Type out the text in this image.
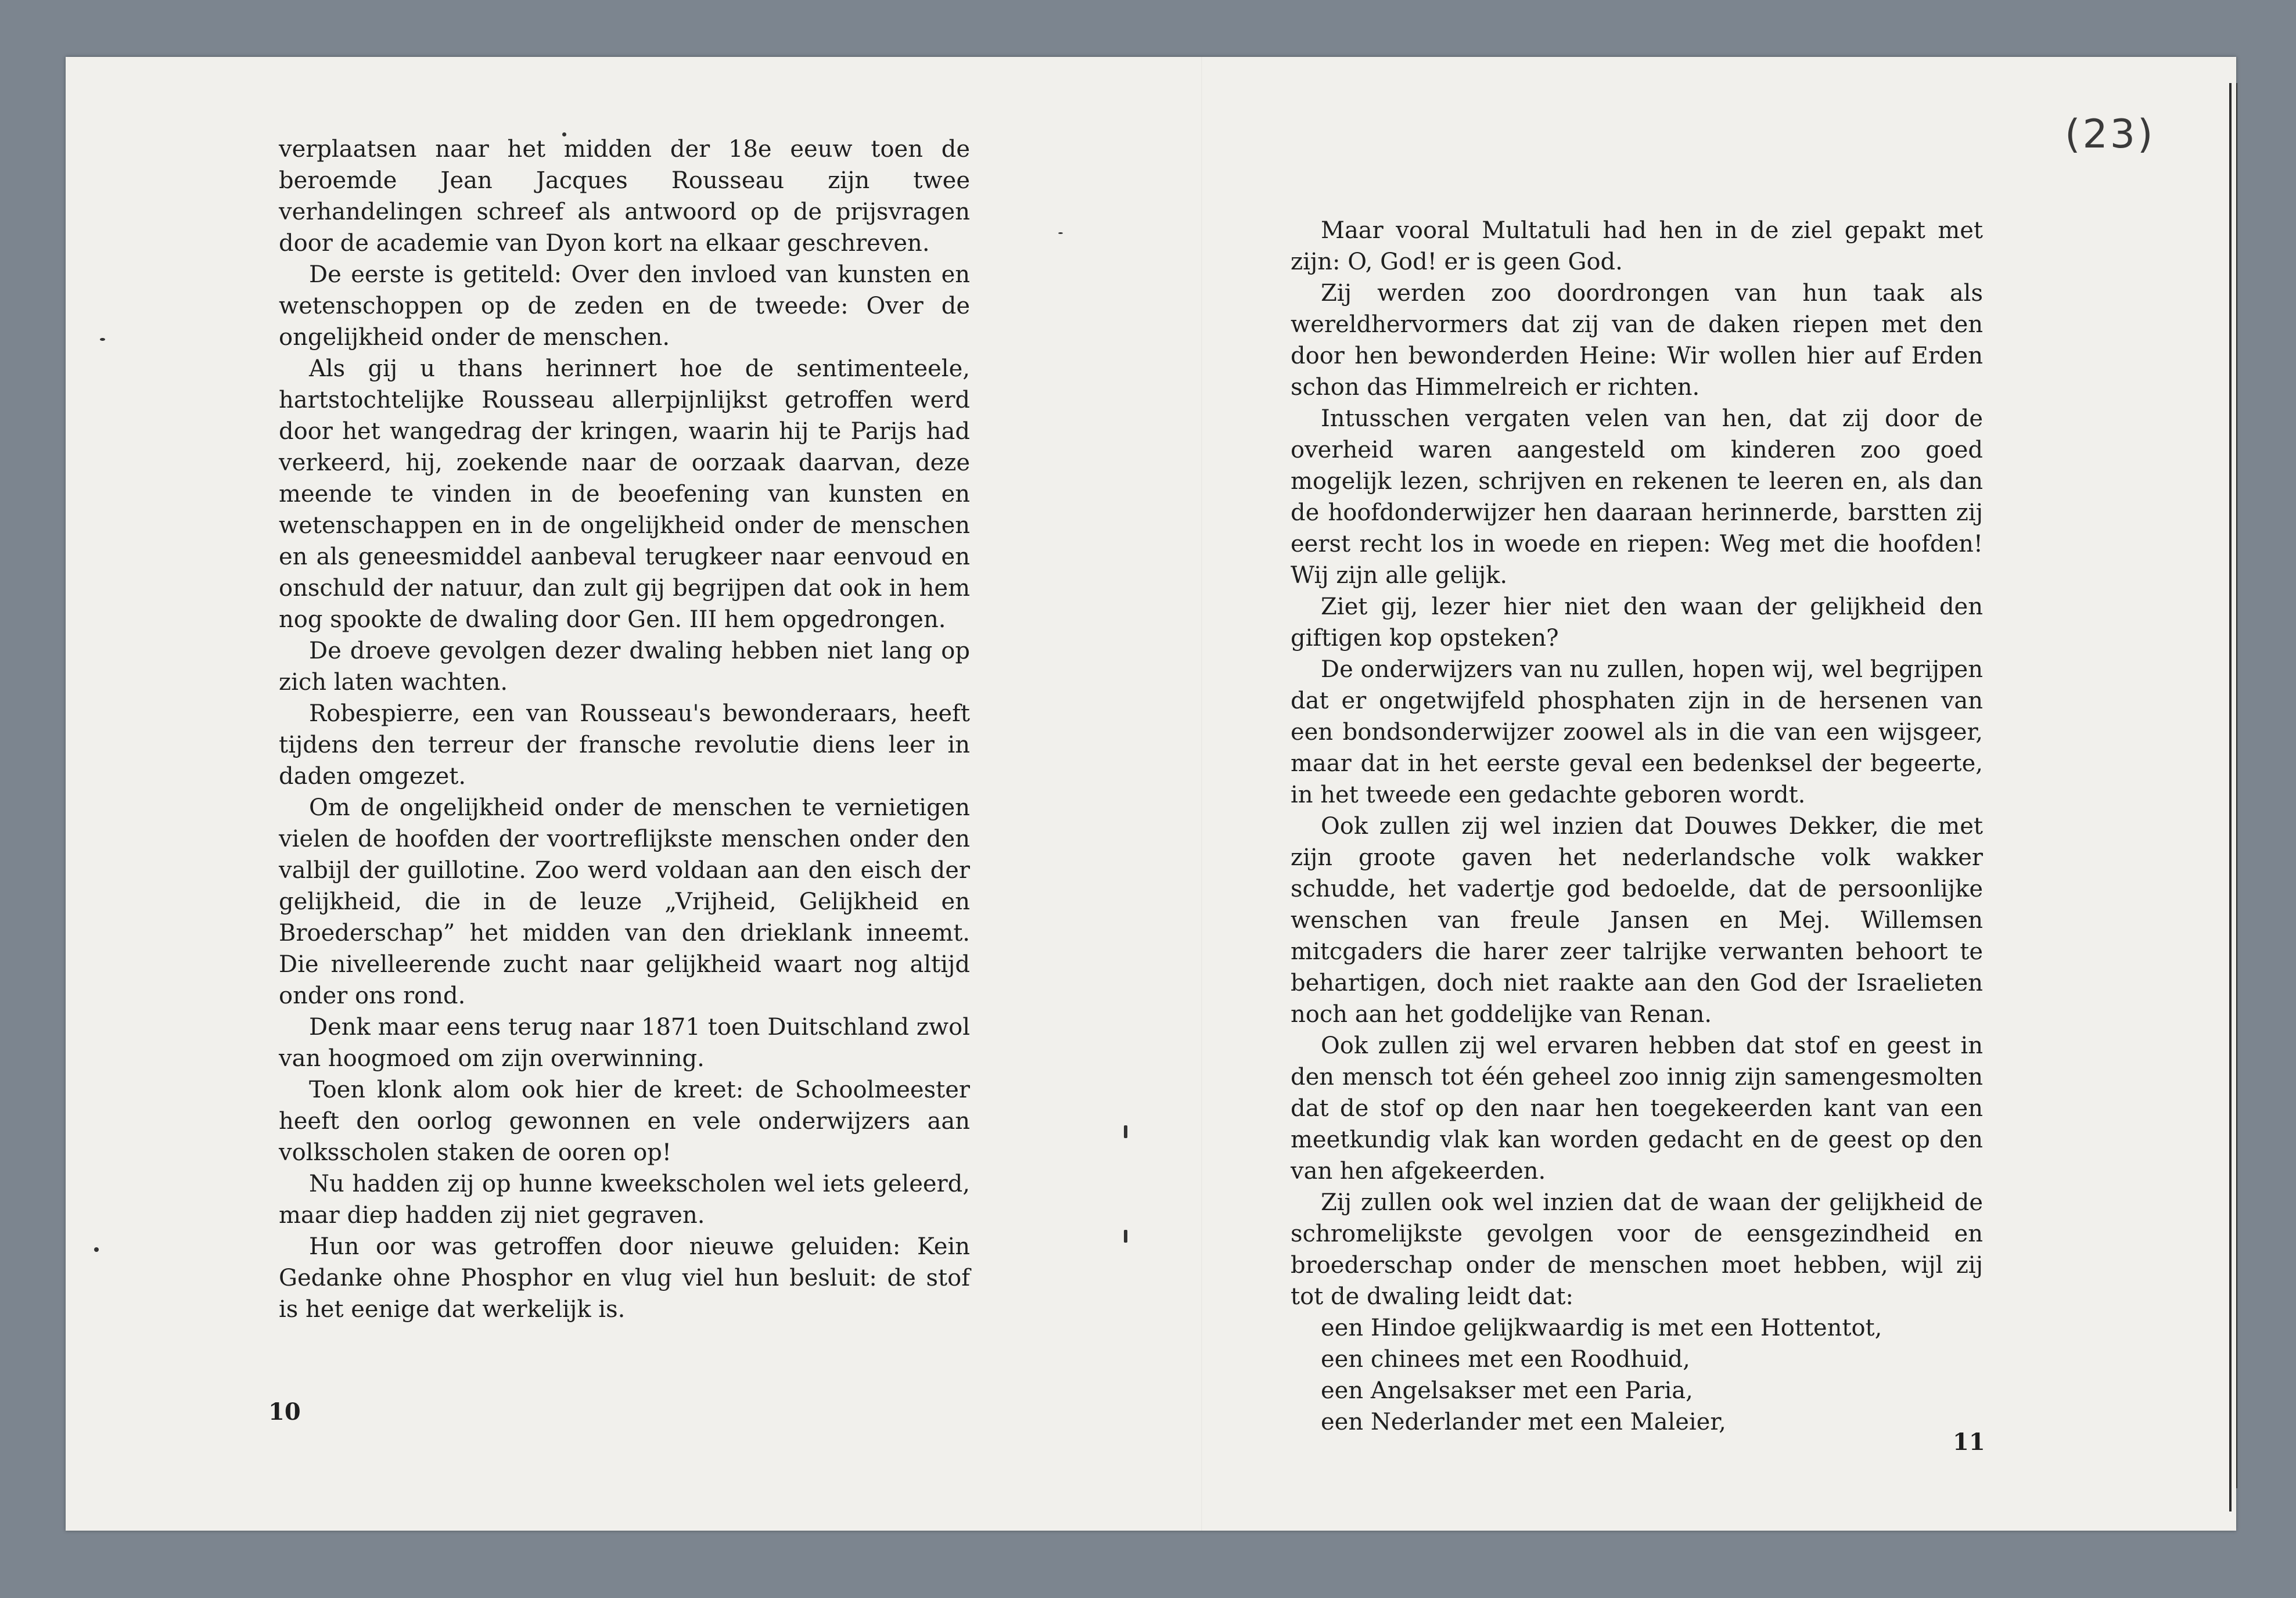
(23)

verplaatsen naar het midden der 18e eeuw toen de beroemde Jean Jacques Rousseau zijn twee verhandelingen schreef als antwoord op de prijsvragen door de academie van Dyon kort na elkaar geschreven.

De eerste is getiteld: Over den invloed van kunsten en wetenschoppen op de zeden en de tweede: Over de ongelijkheid onder de menschen.

Als gij u thans herinnert hoe de sentimenteele, hartstochtelijke Rousseau allerpijnlijkst getroffen werd door het wangedrag der kringen, waarin hij te Parijs had verkeerd, hij, zoekende naar de oorzaak daarvan, deze meende te vinden in de beoefening van kunsten en wetenschappen en in de ongelijkheid onder de menschen en als geneesmiddel aanbeval terugkeer naar eenvoud en onschuld der natuur, dan zult gij begrijpen dat ook in hem nog spookte de dwaling door Gen. III hem opgedrongen.

De droeve gevolgen dezer dwaling hebben niet lang op zich laten wachten.

Robespierre, een van Rousseau's bewonderaars, heeft tijdens den terreur der fransche revolutie diens leer in daden omgezet.

Om de ongelijkheid onder de menschen te vernietigen vielen de hoofden der voortreflijkste menschen onder den valbijl der guillotine. Zoo werd voldaan aan den eisch der gelijkheid, die in de leuze „Vrijheid, Gelijkheid en Broederschap” het midden van den drieklank inneemt. Die nivelleerende zucht naar gelijkheid waart nog altijd onder ons rond.

Denk maar eens terug naar 1871 toen Duitschland zwol van hoogmoed om zijn overwinning.

Toen klonk alom ook hier de kreet: de Schoolmeester heeft den oorlog gewonnen en vele onderwijzers aan volksscholen staken de ooren op!

Nu hadden zij op hunne kweekscholen wel iets geleerd, maar diep hadden zij niet gegraven.

Hun oor was getroffen door nieuwe geluiden: Kein Gedanke ohne Phosphor en vlug viel hun besluit: de stof is het eenige dat werkelijk is.

10

Maar vooral Multatuli had hen in de ziel gepakt met zijn: O, God! er is geen God.

Zij werden zoo doordrongen van hun taak als wereldhervormers dat zij van de daken riepen met den door hen bewonderden Heine: Wir wollen hier auf Erden schon das Himmelreich er richten.

Intusschen vergaten velen van hen, dat zij door de overheid waren aangesteld om kinderen zoo goed mogelijk lezen, schrijven en rekenen te leeren en, als dan de hoofdonderwijzer hen daaraan herinnerde, barstten zij eerst recht los in woede en riepen: Weg met die hoofden! Wij zijn alle gelijk.

Ziet gij, lezer hier niet den waan der gelijkheid den giftigen kop opsteken?

De onderwijzers van nu zullen, hopen wij, wel begrijpen dat er ongetwijfeld phosphaten zijn in de hersenen van een bondsonderwijzer zoowel als in die van een wijsgeer, maar dat in het eerste geval een bedenksel der begeerte, in het tweede een gedachte geboren wordt.

Ook zullen zij wel inzien dat Douwes Dekker, die met zijn groote gaven het nederlandsche volk wakker schudde, het vadertje god bedoelde, dat de persoonlijke wenschen van freule Jansen en Mej. Willemsen mitcgaders die harer zeer talrijke verwanten behoort te behartigen, doch niet raakte aan den God der Israelieten noch aan het goddelijke van Renan.

Ook zullen zij wel ervaren hebben dat stof en geest in den mensch tot één geheel zoo innig zijn samengesmolten dat de stof op den naar hen toegekeerden kant van een meetkundig vlak kan worden gedacht en de geest op den van hen afgekeerden.

Zij zullen ook wel inzien dat de waan der gelijkheid de schromelijkste gevolgen voor de eensgezindheid en broederschap onder de menschen moet hebben, wijl zij tot de dwaling leidt dat:

een Hindoe gelijkwaardig is met een Hottentot,

een chinees met een Roodhuid,

een Angelsakser met een Paria,

een Nederlander met een Maleier,

11
